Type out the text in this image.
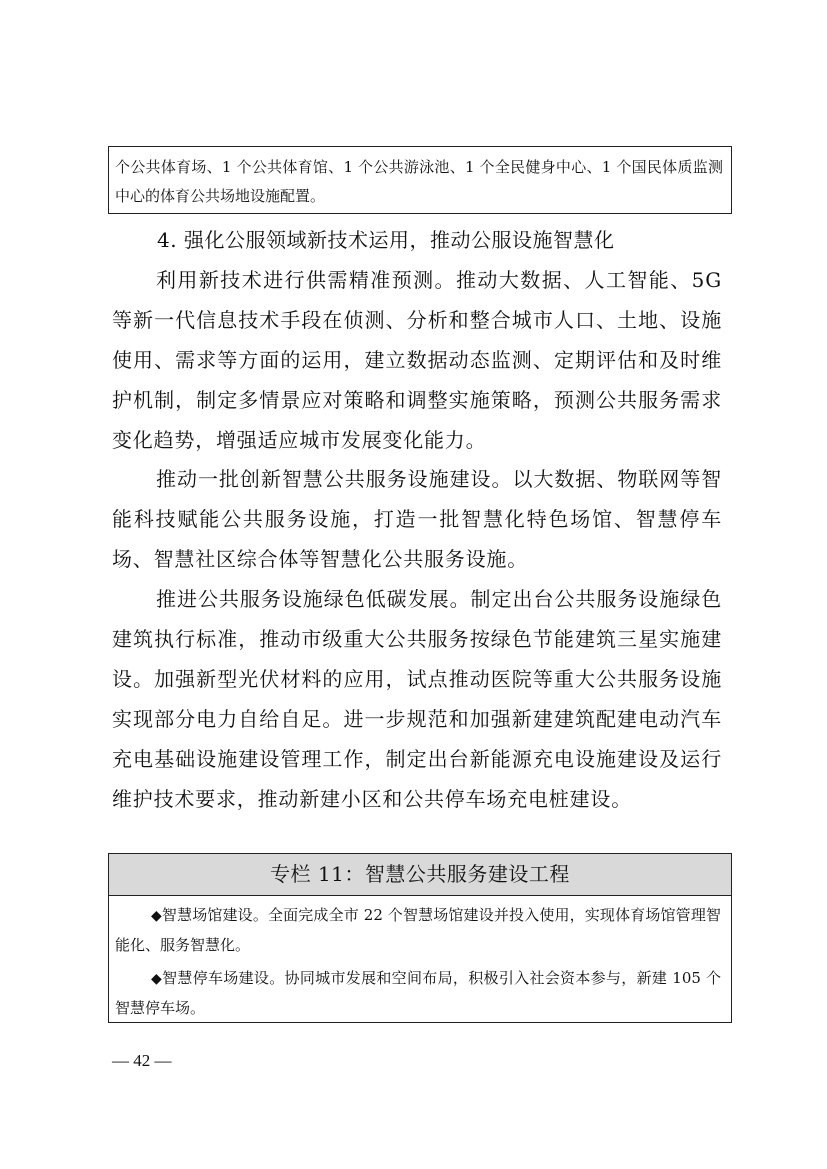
个公共体育场、1 个公共体育馆、1 个公共游泳池、1 个全民健身中心、1 个国民体质监测中心的体育公共场地设施配置。

4. 强化公服领域新技术运用，推动公服设施智慧化

利用新技术进行供需精准预测。推动大数据、人工智能、5G等新一代信息技术手段在侦测、分析和整合城市人口、土地、设施使用、需求等方面的运用，建立数据动态监测、定期评估和及时维护机制，制定多情景应对策略和调整实施策略，预测公共服务需求变化趋势，增强适应城市发展变化能力。

推动一批创新智慧公共服务设施建设。以大数据、物联网等智能科技赋能公共服务设施，打造一批智慧化特色场馆、智慧停车场、智慧社区综合体等智慧化公共服务设施。

推进公共服务设施绿色低碳发展。制定出台公共服务设施绿色建筑执行标准，推动市级重大公共服务按绿色节能建筑三星实施建设。加强新型光伏材料的应用，试点推动医院等重大公共服务设施实现部分电力自给自足。进一步规范和加强新建建筑配建电动汽车充电基础设施建设管理工作，制定出台新能源充电设施建设及运行维护技术要求，推动新建小区和公共停车场充电桩建设。

专栏 11：智慧公共服务建设工程

◆智慧场馆建设。全面完成全市 22 个智慧场馆建设并投入使用，实现体育场馆管理智能化、服务智慧化。

◆智慧停车场建设。协同城市发展和空间布局，积极引入社会资本参与，新建 105 个智慧停车场。

— 42 —
